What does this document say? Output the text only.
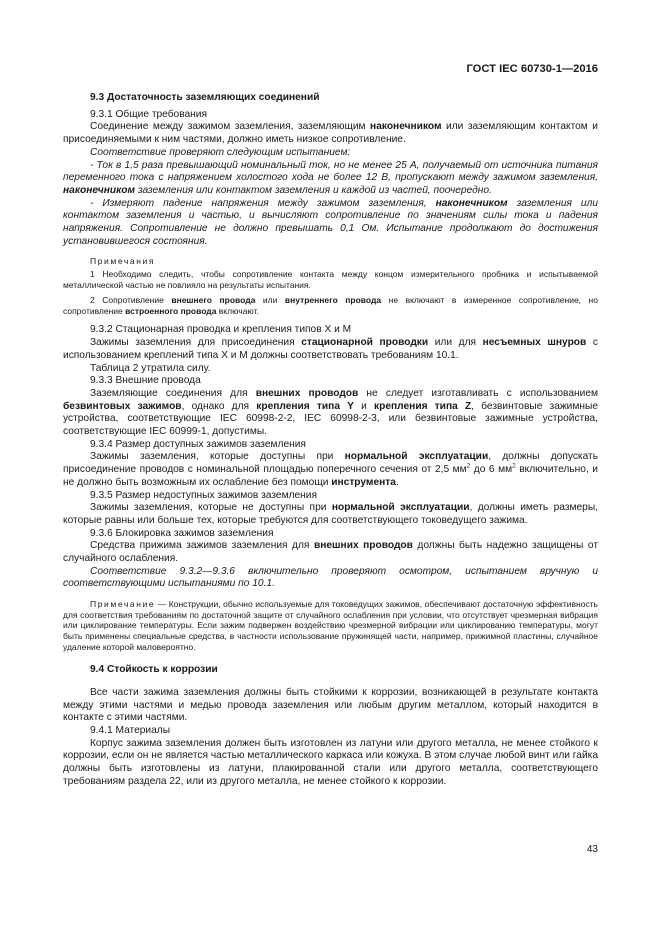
ГОСТ IEC 60730-1—2016

9.3 Достаточность заземляющих соединений

9.3.1 Общие требования

Соединение между зажимом заземления, заземляющим наконечником или заземляющим контактом и присоединяемыми к ним частями, должно иметь низкое сопротивление.

Соответствие проверяют следующим испытанием:

- Ток в 1,5 раза превышающий номинальный ток, но не менее 25 А, получаемый от источника питания переменного тока с напряжением холостого хода не более 12 В, пропускают между зажимом заземления, наконечником заземления или контактом заземления и каждой из частей, поочередно.

- Измеряют падение напряжения между зажимом заземления, наконечником заземления или контактом заземления и частью, и вычисляют сопротивление по значениям силы тока и падения напряжения. Сопротивление не должно превышать 0,1 Ом. Испытание продолжают до достижения установившегося состояния.

Примечания

1 Необходимо следить, чтобы сопротивление контакта между концом измерительного пробника и испытываемой металлической частью не повлияло на результаты испытания.

2 Сопротивление внешнего провода или внутреннего провода не включают в измеренное сопротивление, но сопротивление встроенного провода включают.

9.3.2 Стационарная проводка и крепления типов X и M

Зажимы заземления для присоединения стационарной проводки или для несъемных шнуров с использованием креплений типа X и M должны соответствовать требованиям 10.1.

Таблица 2 утратила силу.

9.3.3 Внешние провода

Заземляющие соединения для внешних проводов не следует изготавливать с использованием безвинтовых зажимов, однако для крепления типа Y и крепления типа Z, безвинтовые зажимные устройства, соответствующие IEC 60998-2-2, IEC 60998-2-3, или безвинтовые зажимные устройства, соответствующие IEC 60999-1, допустимы.

9.3.4 Размер доступных зажимов заземления

Зажимы заземления, которые доступны при нормальной эксплуатации, должны допускать присоединение проводов с номинальной площадью поперечного сечения от 2,5 $мм^2$ до 6 $мм^2$ включительно, и не должно быть возможным их ослабление без помощи инструмента.

9.3.5 Размер недоступных зажимов заземления

Зажимы заземления, которые не доступны при нормальной эксплуатации, должны иметь размеры, которые равны или больше тех, которые требуются для соответствующего токоведущего зажима.

9.3.6 Блокировка зажимов заземления

Средства прижима зажимов заземления для внешних проводов должны быть надежно защищены от случайного ослабления.

Соответствие 9.3.2—9.3.6 включительно проверяют осмотром, испытанием вручную и соответствующими испытаниями по 10.1.

Примечание — Конструкции, обычно используемые для токоведущих зажимов, обеспечивают достаточную эффективность для соответствия требованиям по достаточной защите от случайного ослабления при условии, что отсутствует чрезмерная вибрация или циклирование температуры. Если зажим подвержен воздействию чрезмерной вибрации или циклированию температуры, могут быть применены специальные средства, в частности использование пружинящей части, например, прижимной пластины, случайное удаление которой маловероятно.

9.4 Стойкость к коррозии

Все части зажима заземления должны быть стойкими к коррозии, возникающей в результате контакта между этими частями и медью провода заземления или любым другим металлом, который находится в контакте с этими частями.

9.4.1 Материалы

Корпус зажима заземления должен быть изготовлен из латуни или другого металла, не менее стойкого к коррозии, если он не является частью металлического каркаса или кожуха. В этом случае любой винт или гайка должны быть изготовлены из латуни, плакированной стали или другого металла, соответствующего требованиям раздела 22, или из другого металла, не менее стойкого к коррозии.

43
